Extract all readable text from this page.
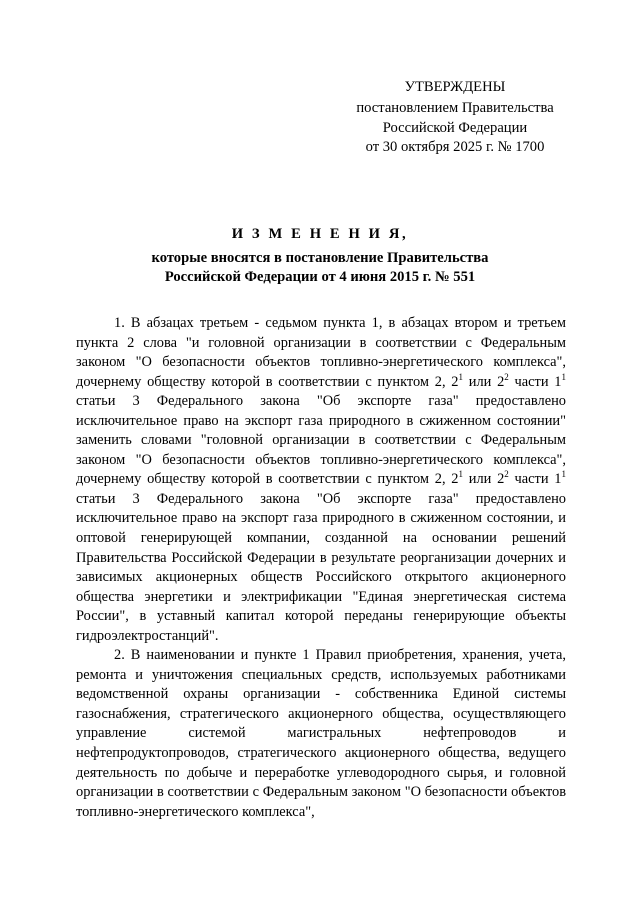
УТВЕРЖДЕНЫ
постановлением Правительства
Российской Федерации
от 30 октября 2025 г. № 1700
И З М Е Н Е Н И Я,
которые вносятся в постановление Правительства
Российской Федерации от 4 июня 2015 г. № 551

1. В абзацах третьем - седьмом пункта 1, в абзацах втором и третьем пункта 2 слова "и головной организации в соответствии с Федеральным законом "О безопасности объектов топливно-энергетического комплекса", дочернему обществу которой в соответствии с пунктом 2, $2^1$ или $2^2$ части $1^1$ статьи 3 Федерального закона "Об экспорте газа" предоставлено исключительное право на экспорт газа природного в сжиженном состоянии" заменить словами "головной организации в соответствии с Федеральным законом "О безопасности объектов топливно-энергетического комплекса", дочернему обществу которой в соответствии с пунктом 2, $2^1$ или $2^2$ части $1^1$ статьи 3 Федерального закона "Об экспорте газа" предоставлено исключительное право на экспорт газа природного в сжиженном состоянии, и оптовой генерирующей компании, созданной на основании решений Правительства Российской Федерации в результате реорганизации дочерних и зависимых акционерных обществ Российского открытого акционерного общества энергетики и электрификации "Единая энергетическая система России", в уставный капитал которой переданы генерирующие объекты гидроэлектростанций".

2. В наименовании и пункте 1 Правил приобретения, хранения, учета, ремонта и уничтожения специальных средств, используемых работниками ведомственной охраны организации - собственника Единой системы газоснабжения, стратегического акционерного общества, осуществляющего управление системой магистральных нефтепроводов и нефтепродуктопроводов, стратегического акционерного общества, ведущего деятельность по добыче и переработке углеводородного сырья, и головной организации в соответствии с Федеральным законом "О безопасности объектов топливно-энергетического комплекса",
